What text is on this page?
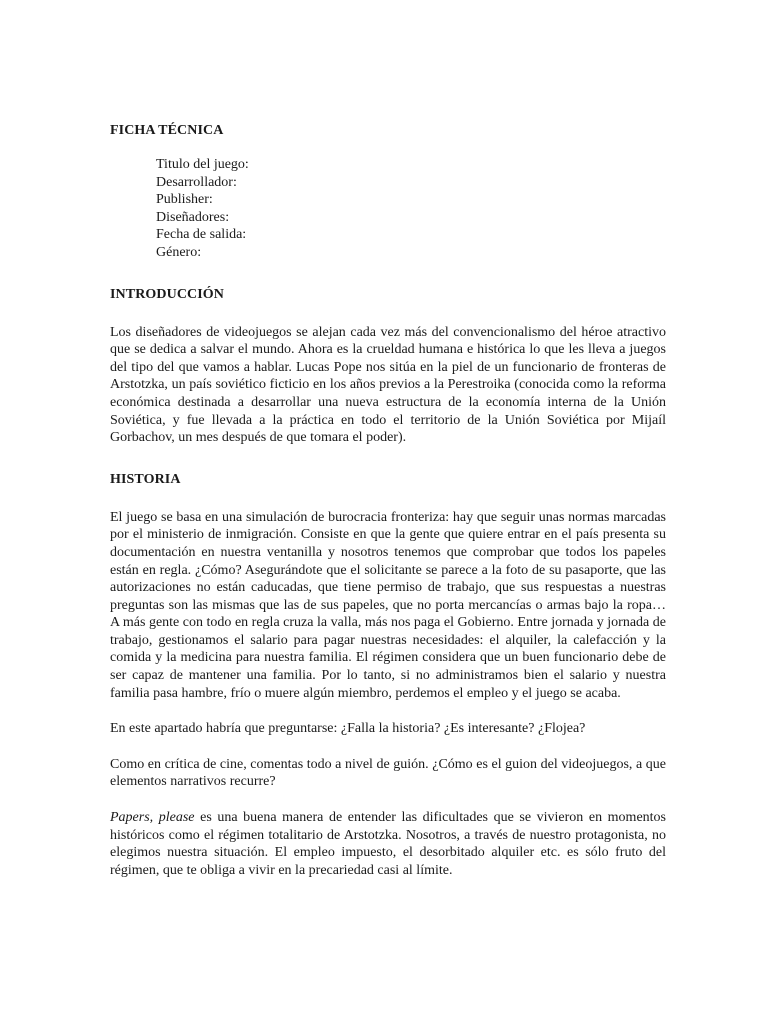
FICHA TÉCNICA
Titulo del juego:
Desarrollador:
Publisher:
Diseñadores:
Fecha de salida:
Género:
INTRODUCCIÓN

Los diseñadores de videojuegos se alejan cada vez más del convencionalismo del héroe atractivo que se dedica a salvar el mundo. Ahora es la crueldad humana e histórica lo que les lleva a juegos del tipo del que vamos a hablar. Lucas Pope nos sitúa en la piel de un funcionario de fronteras de Arstotzka, un país soviético ficticio en los años previos a la Perestroika (conocida como la reforma económica destinada a desarrollar una nueva estructura de la economía interna de la Unión Soviética, y fue llevada a la práctica en todo el territorio de la Unión Soviética por Mijaíl Gorbachov, un mes después de que tomara el poder).

HISTORIA

El juego se basa en una simulación de burocracia fronteriza: hay que seguir unas normas marcadas por el ministerio de inmigración. Consiste en que la gente que quiere entrar en el país presenta su documentación en nuestra ventanilla y nosotros tenemos que comprobar que todos los papeles están en regla. ¿Cómo? Asegurándote que el solicitante se parece a la foto de su pasaporte, que las autorizaciones no están caducadas, que tiene permiso de trabajo, que sus respuestas a nuestras preguntas son las mismas que las de sus papeles, que no porta mercancías o armas bajo la ropa… A más gente con todo en regla cruza la valla, más nos paga el Gobierno. Entre jornada y jornada de trabajo, gestionamos el salario para pagar nuestras necesidades: el alquiler, la calefacción y la comida y la medicina para nuestra familia. El régimen considera que un buen funcionario debe de ser capaz de mantener una familia. Por lo tanto, si no administramos bien el salario y nuestra familia pasa hambre, frío o muere algún miembro, perdemos el empleo y el juego se acaba.

En este apartado habría que preguntarse: ¿Falla la historia? ¿Es interesante? ¿Flojea?

Como en crítica de cine, comentas todo a nivel de guión. ¿Cómo es el guion del videojuegos, a que elementos narrativos recurre?

Papers, please es una buena manera de entender las dificultades que se vivieron en momentos históricos como el régimen totalitario de Arstotzka. Nosotros, a través de nuestro protagonista, no elegimos nuestra situación. El empleo impuesto, el desorbitado alquiler etc. es sólo fruto del régimen, que te obliga a vivir en la precariedad casi al límite.
